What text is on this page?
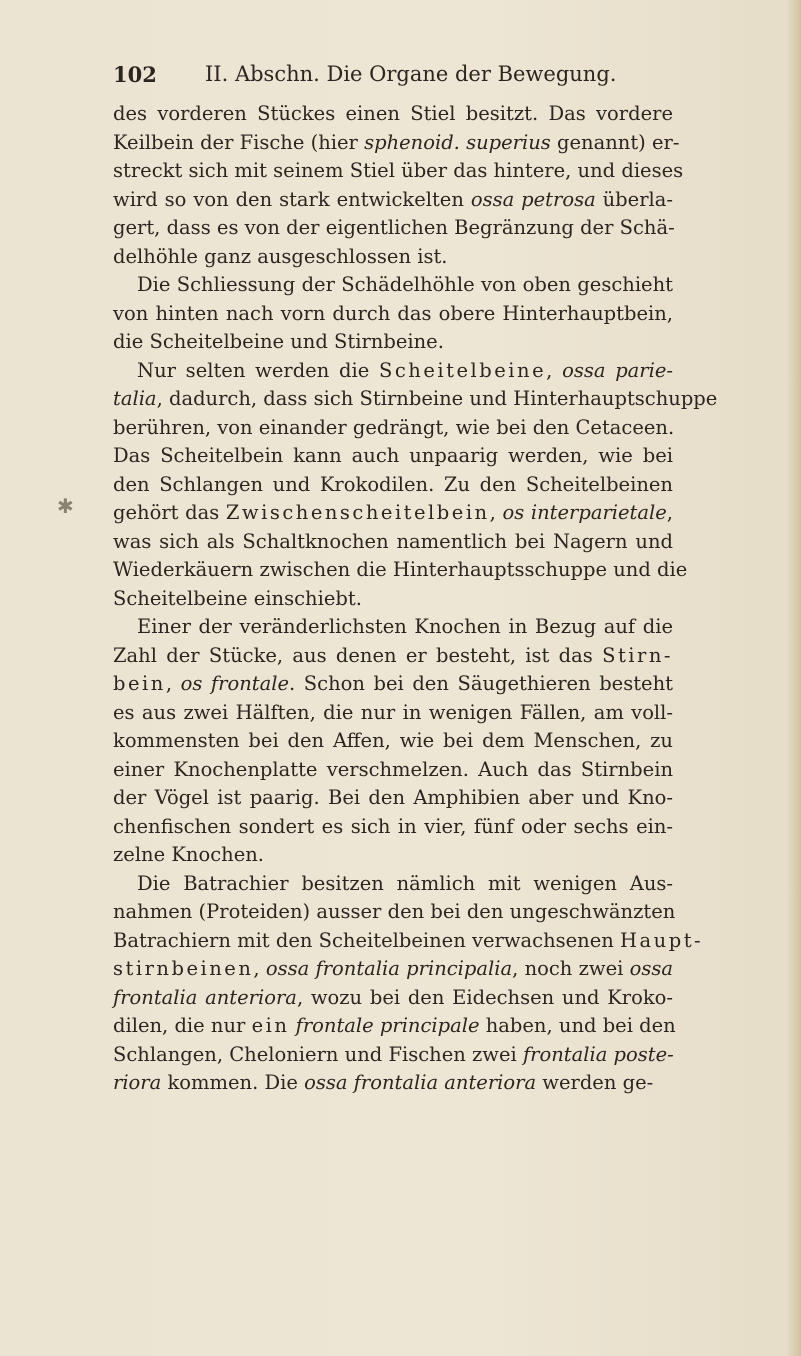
102 II. Abschn. Die Organe der Bewegung.
✱
des vorderen Stückes einen Stiel besitzt. Das vordere
Keilbein der Fische (hier sphenoid. superius genannt) er-
streckt sich mit seinem Stiel über das hintere, und dieses
wird so von den stark entwickelten ossa petrosa überla-
gert, dass es von der eigentlichen Begränzung der Schä-
delhöhle ganz ausgeschlossen ist.
Die Schliessung der Schädelhöhle von oben geschieht
von hinten nach vorn durch das obere Hinterhauptbein,
die Scheitelbeine und Stirnbeine.
Nur selten werden die Scheitelbeine, ossa parie-
talia, dadurch, dass sich Stirnbeine und Hinterhauptschuppe
berühren, von einander gedrängt, wie bei den Cetaceen.
Das Scheitelbein kann auch unpaarig werden, wie bei
den Schlangen und Krokodilen. Zu den Scheitelbeinen
gehört das Zwischenscheitelbein, os interparietale,
was sich als Schaltknochen namentlich bei Nagern und
Wiederkäuern zwischen die Hinterhauptsschuppe und die
Scheitelbeine einschiebt.
Einer der veränderlichsten Knochen in Bezug auf die
Zahl der Stücke, aus denen er besteht, ist das Stirn-
bein, os frontale. Schon bei den Säugethieren besteht
es aus zwei Hälften, die nur in wenigen Fällen, am voll-
kommensten bei den Affen, wie bei dem Menschen, zu
einer Knochenplatte verschmelzen. Auch das Stirnbein
der Vögel ist paarig. Bei den Amphibien aber und Kno-
chenfischen sondert es sich in vier, fünf oder sechs ein-
zelne Knochen.
Die Batrachier besitzen nämlich mit wenigen Aus-
nahmen (Proteiden) ausser den bei den ungeschwänzten
Batrachiern mit den Scheitelbeinen verwachsenen Haupt-
stirnbeinen, ossa frontalia principalia, noch zwei ossa
frontalia anteriora, wozu bei den Eidechsen und Kroko-
dilen, die nur ein frontale principale haben, und bei den
Schlangen, Cheloniern und Fischen zwei frontalia poste-
riora kommen. Die ossa frontalia anteriora werden ge-
